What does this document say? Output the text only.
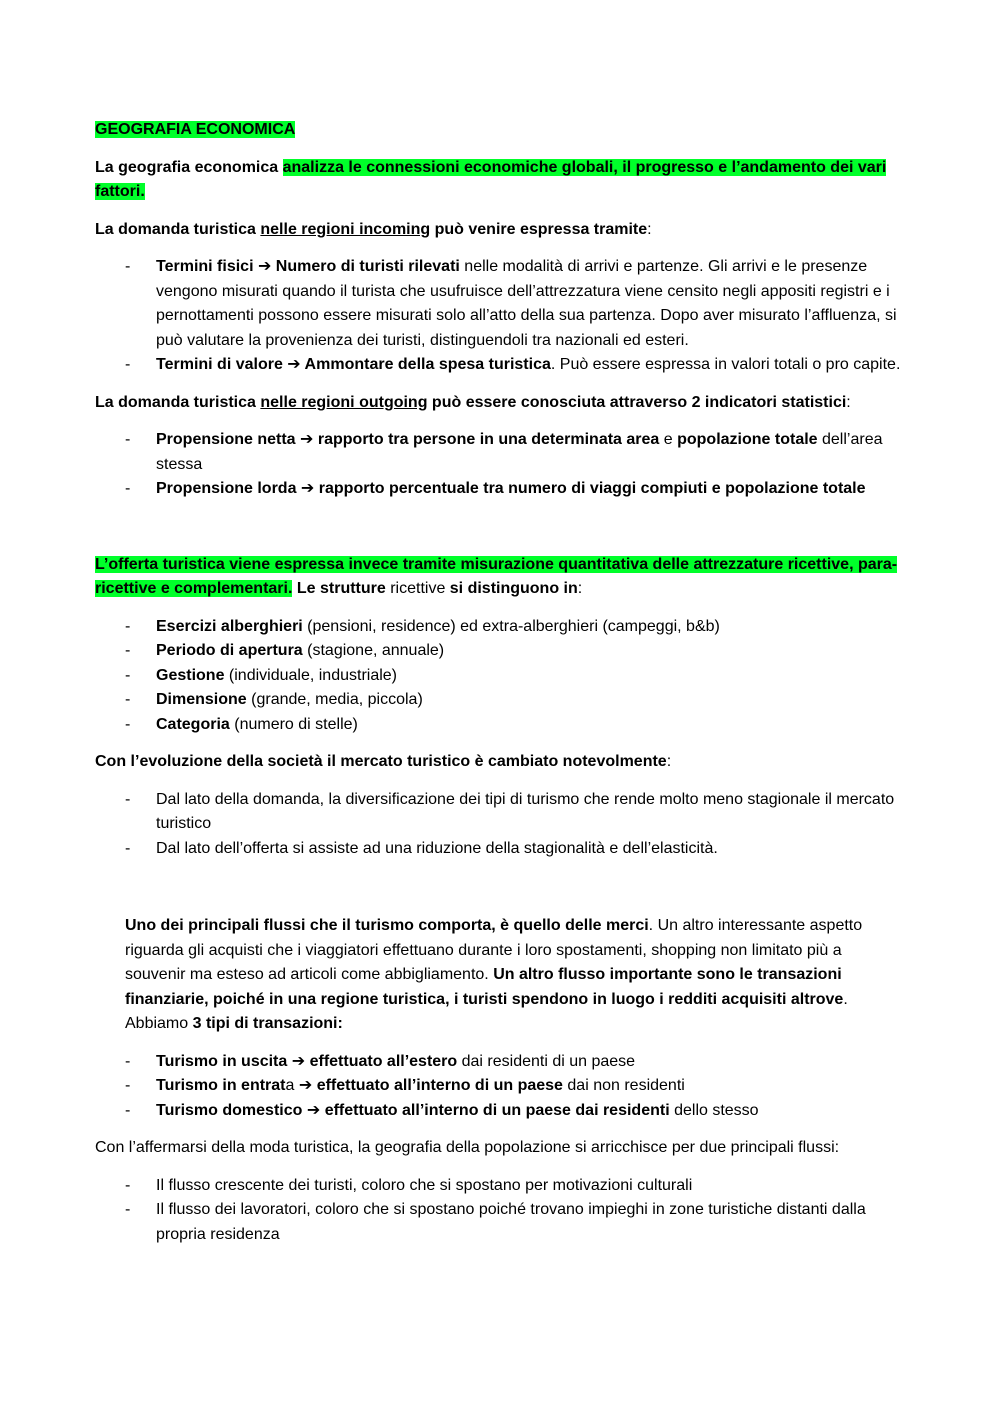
GEOGRAFIA ECONOMICA

La geografia economica analizza le connessioni economiche globali, il progresso e l’andamento dei vari fattori.

La domanda turistica nelle regioni incoming può venire espressa tramite:

- Termini fisici ➔ Numero di turisti rilevati nelle modalità di arrivi e partenze. Gli arrivi e le presenze vengono misurati quando il turista che usufruisce dell’attrezzatura viene censito negli appositi registri e i pernottamenti possono essere misurati solo all’atto della sua partenza. Dopo aver misurato l’affluenza, si può valutare la provenienza dei turisti, distinguendoli tra nazionali ed esteri.
- Termini di valore ➔ Ammontare della spesa turistica. Può essere espressa in valori totali o pro capite.

La domanda turistica nelle regioni outgoing può essere conosciuta attraverso 2 indicatori statistici:

- Propensione netta ➔ rapporto tra persone in una determinata area e popolazione totale dell’area stessa
- Propensione lorda ➔ rapporto percentuale tra numero di viaggi compiuti e popolazione totale

L’offerta turistica viene espressa invece tramite misurazione quantitativa delle attrezzature ricettive, para-ricettive e complementari. Le strutture ricettive si distinguono in:

- Esercizi alberghieri (pensioni, residence) ed extra-alberghieri (campeggi, b&b)
- Periodo di apertura (stagione, annuale)
- Gestione (individuale, industriale)
- Dimensione (grande, media, piccola)
- Categoria (numero di stelle)

Con l’evoluzione della società il mercato turistico è cambiato notevolmente:

- Dal lato della domanda, la diversificazione dei tipi di turismo che rende molto meno stagionale il mercato turistico
- Dal lato dell’offerta si assiste ad una riduzione della stagionalità e dell’elasticità.

Uno dei principali flussi che il turismo comporta, è quello delle merci. Un altro interessante aspetto riguarda gli acquisti che i viaggiatori effettuano durante i loro spostamenti, shopping non limitato più a souvenir ma esteso ad articoli come abbigliamento. Un altro flusso importante sono le transazioni finanziarie, poiché in una regione turistica, i turisti spendono in luogo i redditi acquisiti altrove. Abbiamo 3 tipi di transazioni:

- Turismo in uscita ➔ effettuato all’estero dai residenti di un paese
- Turismo in entrata ➔ effettuato all’interno di un paese dai non residenti
- Turismo domestico ➔ effettuato all’interno di un paese dai residenti dello stesso

Con l’affermarsi della moda turistica, la geografia della popolazione si arricchisce per due principali flussi:

- Il flusso crescente dei turisti, coloro che si spostano per motivazioni culturali
- Il flusso dei lavoratori, coloro che si spostano poiché trovano impieghi in zone turistiche distanti dalla propria residenza
